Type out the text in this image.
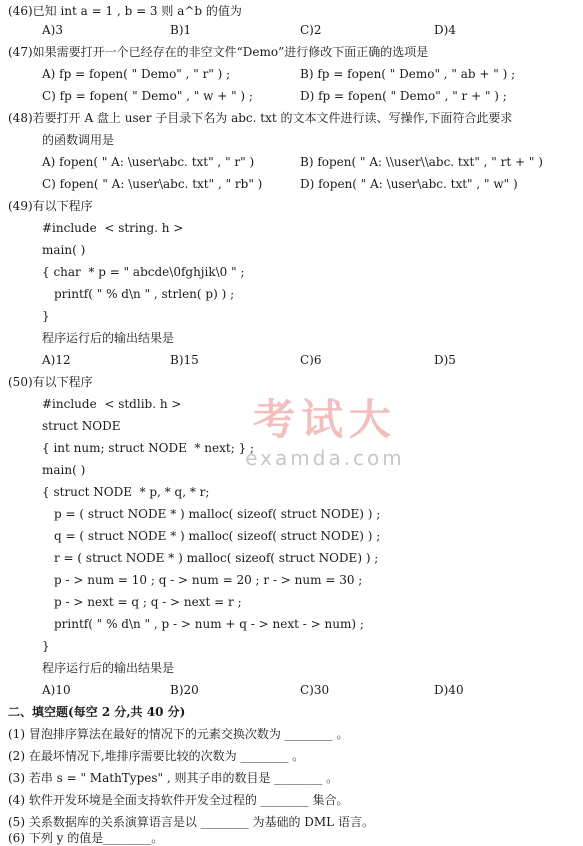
(46)已知 int a = 1 , b = 3 则 a^b 的值为
A)3	B)1	C)2	D)4
(47)如果需要打开一个已经存在的非空文件“Demo”进行修改下面正确的选项是
A) fp = fopen( " Demo" , " r" ) ;	B) fp = fopen( " Demo" , " ab + " ) ;
C) fp = fopen( " Demo" , " w + " ) ;	D) fp = fopen( " Demo" , " r + " ) ;
(48)若要打开 A 盘上 user 子目录下名为 abc. txt 的文本文件进行读、写操作,下面符合此要求
的函数调用是
A) fopen( " A: \user\abc. txt" , " r" )	B) fopen( " A: \\user\\abc. txt" , " rt + " )
C) fopen( " A: \user\abc. txt" , " rb" )	D) fopen( " A: \user\abc. txt" , " w" )
(49)有以下程序
#include  < string. h >
main( )
{ char  * p = " abcde\0fghjik\0 " ;
printf( " % d\n " , strlen( p) ) ;
}
程序运行后的输出结果是
A)12	B)15	C)6	D)5
(50)有以下程序
#include  < stdlib. h >
struct NODE
{ int num; struct NODE  * next; } ;
main( )
{ struct NODE  * p, * q, * r;
p = ( struct NODE * ) malloc( sizeof( struct NODE) ) ;
q = ( struct NODE * ) malloc( sizeof( struct NODE) ) ;
r = ( struct NODE * ) malloc( sizeof( struct NODE) ) ;
p - > num = 10 ; q - > num = 20 ; r - > num = 30 ;
p - > next = q ; q - > next = r ;
printf( " % d\n " , p - > num + q - > next - > num) ;
}
程序运行后的输出结果是
A)10	B)20	C)30	D)40
二、填空题(每空 2 分,共 40 分)
(1) 冒泡排序算法在最好的情况下的元素交换次数为 ________ 。
(2) 在最坏情况下,堆排序需要比较的次数为 ________ 。
(3) 若串 s = " MathTypes" , 则其子串的数目是 ________ 。
(4) 软件开发环境是全面支持软件开发全过程的 ________ 集合。
(5) 关系数据库的关系演算语言是以 ________ 为基础的 DML 语言。
(6) 下列 y 的值是________。
考试大
examda.com
